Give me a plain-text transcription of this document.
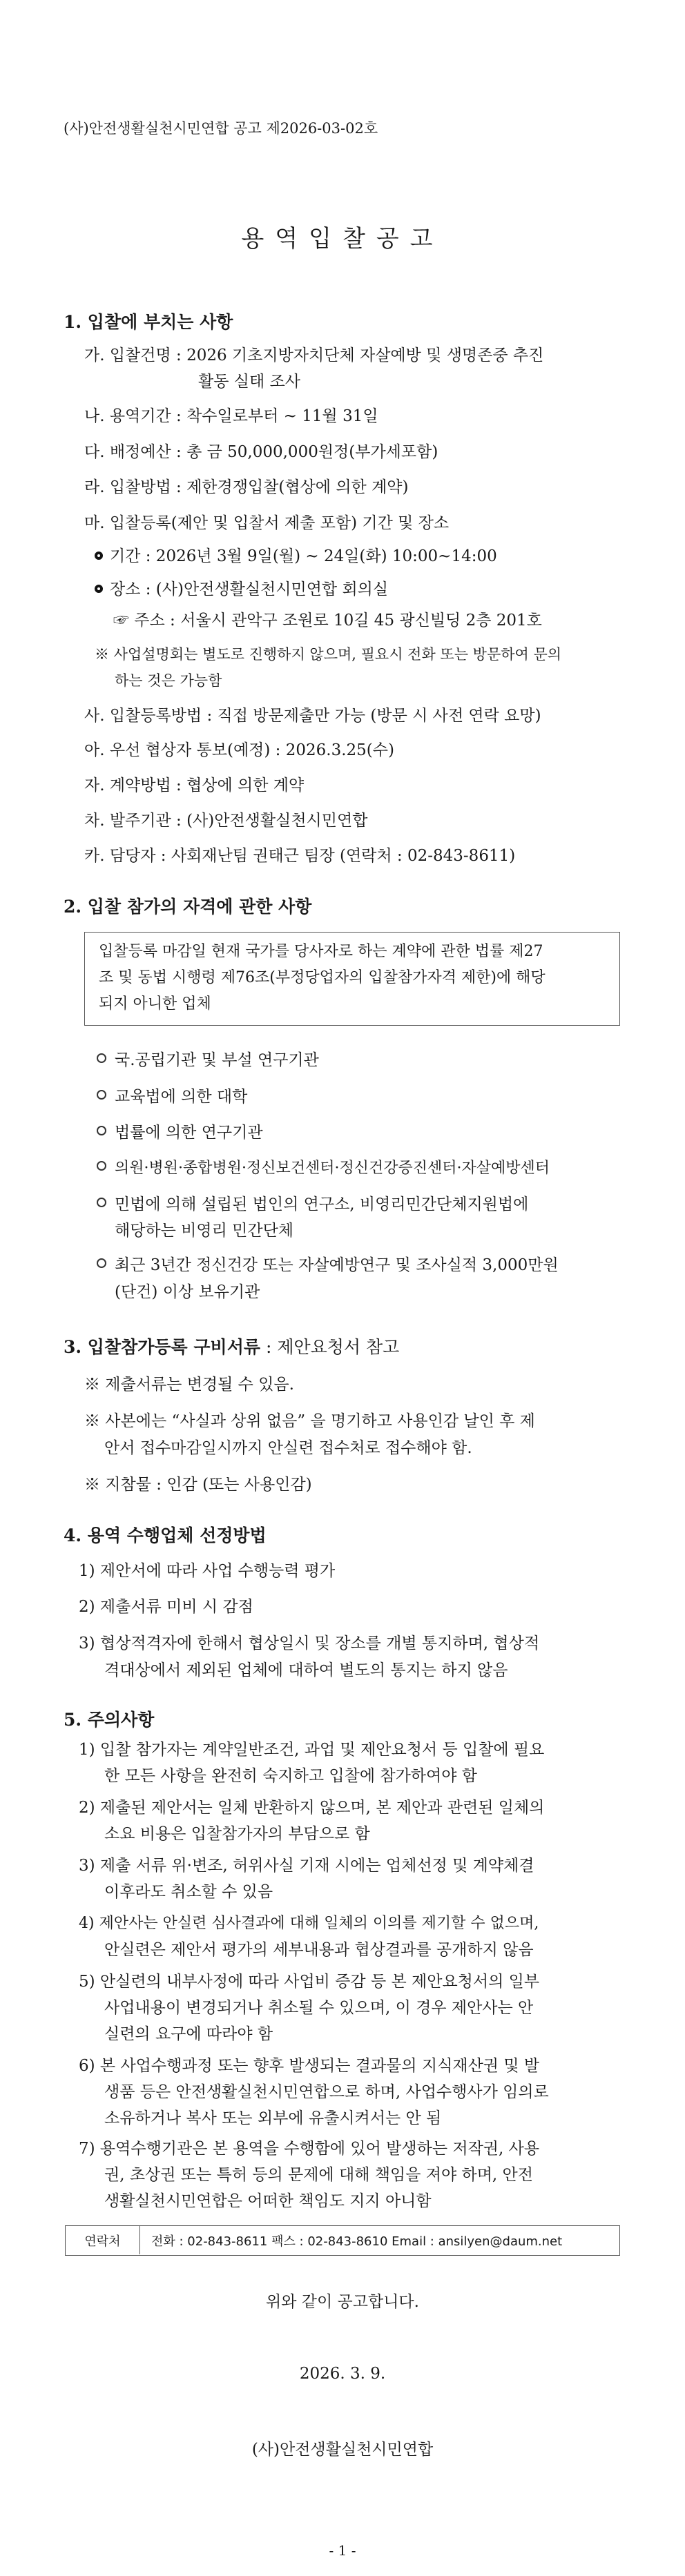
(사)안전생활실천시민연합 공고 제2026-03-02호
용역입찰공고
1. 입찰에 부치는 사항
가. 입찰건명 : 2026 기초지방자치단체 자살예방 및 생명존중 추진
활동 실태 조사
나. 용역기간 : 착수일로부터 ~ 11월 31일
다. 배정예산 : 총 금 50,000,000원정(부가세포함)
라. 입찰방법 : 제한경쟁입찰(협상에 의한 계약)
마. 입찰등록(제안 및 입찰서 제출 포함) 기간 및 장소
기간 : 2026년 3월 9일(월) ~ 24일(화) 10:00~14:00
장소 : (사)안전생활실천시민연합 회의실
☞ 주소 : 서울시 관악구 조원로 10길 45 광신빌딩 2층 201호
※ 사업설명회는 별도로 진행하지 않으며, 필요시 전화 또는 방문하여 문의
하는 것은 가능함
사. 입찰등록방법 : 직접 방문제출만 가능 (방문 시 사전 연락 요망)
아. 우선 협상자 통보(예정) : 2026.3.25(수)
자. 계약방법 : 협상에 의한 계약
차. 발주기관 : (사)안전생활실천시민연합
카. 담당자 : 사회재난팀 권태근 팀장 (연락처 : 02-843-8611)
2. 입찰 참가의 자격에 관한 사항
입찰등록 마감일 현재 국가를 당사자로 하는 계약에 관한 법률 제27
조 및 동법 시행령 제76조(부정당업자의 입찰참가자격 제한)에 해당
되지 아니한 업체
국.공립기관 및 부설 연구기관
교육법에 의한 대학
법률에 의한 연구기관
의원·병원·종합병원·정신보건센터·정신건강증진센터·자살예방센터
민법에 의해 설립된 법인의 연구소, 비영리민간단체지원법에
해당하는 비영리 민간단체
최근 3년간 정신건강 또는 자살예방연구 및 조사실적 3,000만원
(단건) 이상 보유기관
3. 입찰참가등록 구비서류 : 제안요청서 참고
※ 제출서류는 변경될 수 있음.
※ 사본에는 “사실과 상위 없음” 을 명기하고 사용인감 날인 후 제
안서 접수마감일시까지 안실련 접수처로 접수해야 함.
※ 지참물 : 인감 (또는 사용인감)
4. 용역 수행업체 선정방법
1) 제안서에 따라 사업 수행능력 평가
2) 제출서류 미비 시 감점
3) 협상적격자에 한해서 협상일시 및 장소를 개별 통지하며, 협상적
격대상에서 제외된 업체에 대하여 별도의 통지는 하지 않음
5. 주의사항
1) 입찰 참가자는 계약일반조건, 과업 및 제안요청서 등 입찰에 필요
한 모든 사항을 완전히 숙지하고 입찰에 참가하여야 함
2) 제출된 제안서는 일체 반환하지 않으며, 본 제안과 관련된 일체의
소요 비용은 입찰참가자의 부담으로 함
3) 제출 서류 위·변조, 허위사실 기재 시에는 업체선정 및 계약체결
이후라도 취소할 수 있음
4) 제안사는 안실련 심사결과에 대해 일체의 이의를 제기할 수 없으며,
안실련은 제안서 평가의 세부내용과 협상결과를 공개하지 않음
5) 안실련의 내부사정에 따라 사업비 증감 등 본 제안요청서의 일부
사업내용이 변경되거나 취소될 수 있으며, 이 경우 제안사는 안
실련의 요구에 따라야 함
6) 본 사업수행과정 또는 향후 발생되는 결과물의 지식재산권 및 발
생품 등은 안전생활실천시민연합으로 하며, 사업수행사가 임의로
소유하거나 복사 또는 외부에 유출시켜서는 안 됨
7) 용역수행기관은 본 용역을 수행함에 있어 발생하는 저작권, 사용
연락처	전화 : 02-843-8611 팩스 : 02-843-8610 Email : ansilyen@daum.net
위와 같이 공고합니다.
2026. 3. 9.
(사)안전생활실천시민연합
- 1 -
권, 초상권 또는 특허 등의 문제에 대해 책임을 져야 하며, 안전
생활실천시민연합은 어떠한 책임도 지지 아니함
